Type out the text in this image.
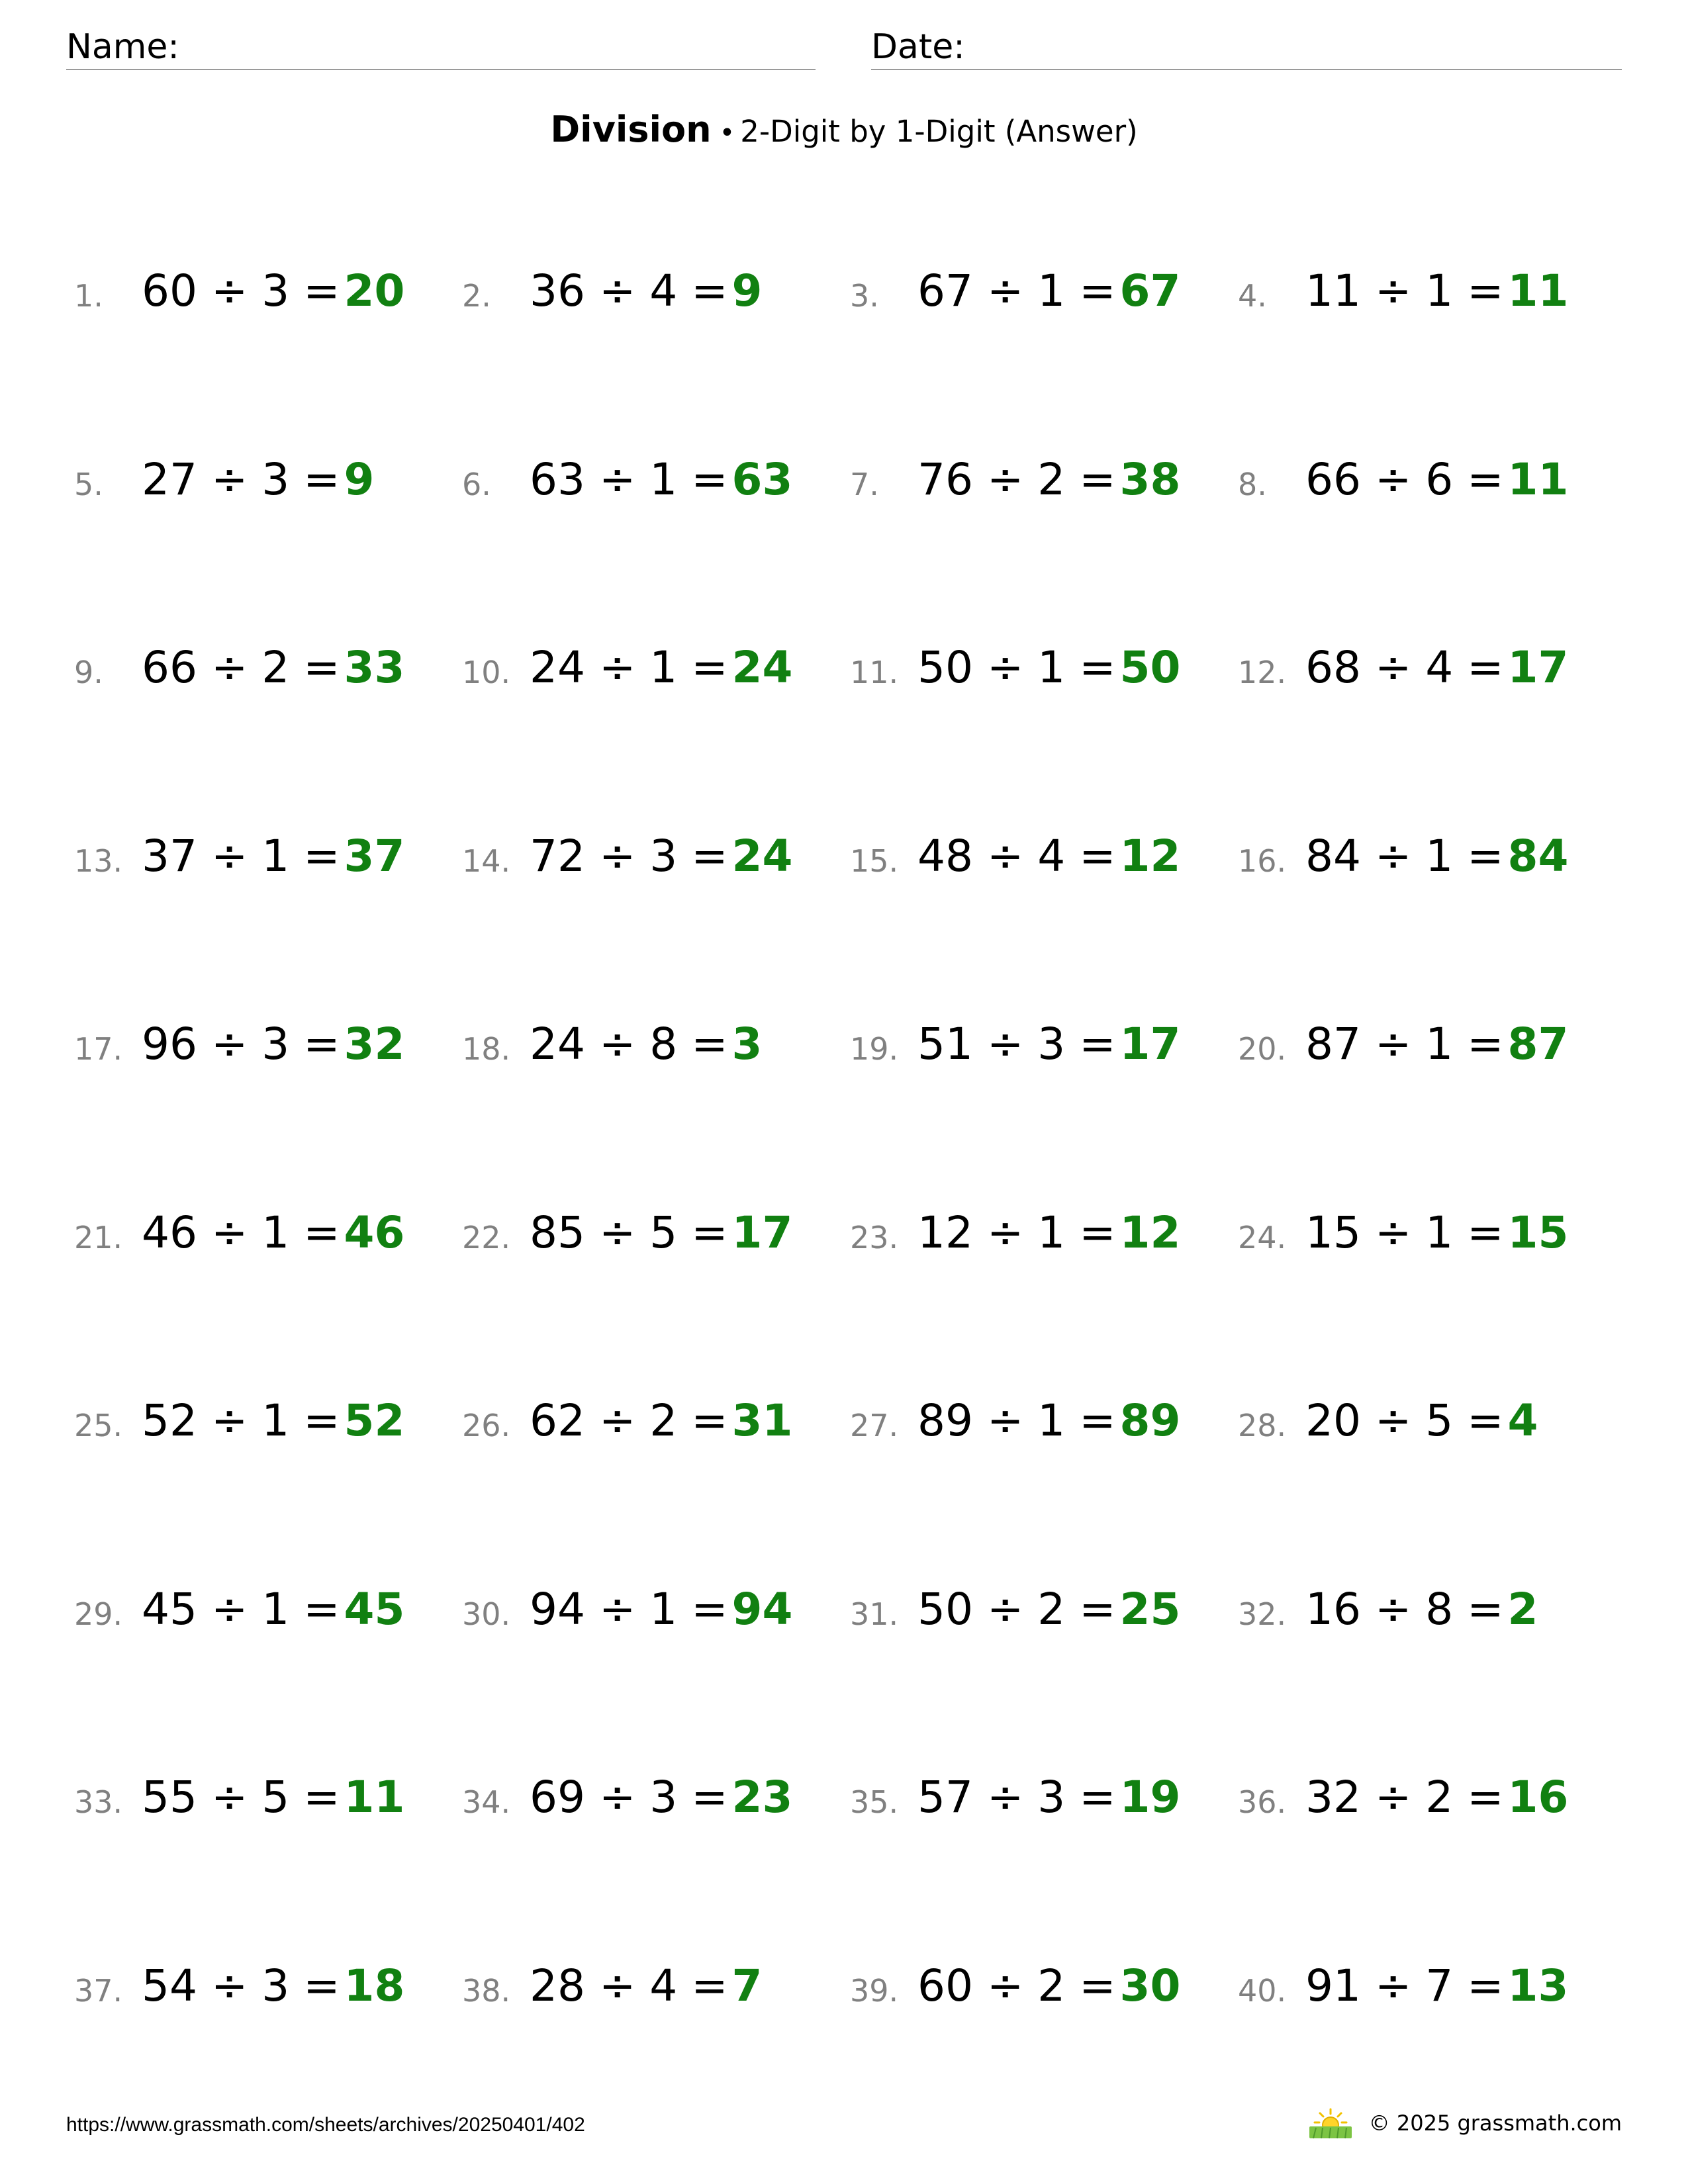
Name:	Date:
Division • 2-Digit by 1-Digit (Answer)
1. 60 ÷ 3 =20 2. 36 ÷ 4 =9	3. 67 ÷ 1 =67 4. 11 ÷ 1 =11
5. 27 ÷ 3 =9	6. 63 ÷ 1 =63 7. 76 ÷ 2 =38 8. 66 ÷ 6 =11
9. 66 ÷ 2 =33 10. 24 ÷ 1 =24 11. 50 ÷ 1 =50 12. 68 ÷ 4 =17
13. 37 ÷ 1 =37 14. 72 ÷ 3 =24 15. 48 ÷ 4 =12 16. 84 ÷ 1 =84
17. 96 ÷ 3 =32 18. 24 ÷ 8 =3	19. 51 ÷ 3 =17 20. 87 ÷ 1 =87
21. 46 ÷ 1 =46 22. 85 ÷ 5 =17 23. 12 ÷ 1 =12 24. 15 ÷ 1 =15
25. 52 ÷ 1 =52 26. 62 ÷ 2 =31 27. 89 ÷ 1 =89 28. 20 ÷ 5 =4
29. 45 ÷ 1 =45 30. 94 ÷ 1 =94 31. 50 ÷ 2 =25 32. 16 ÷ 8 =2
33. 55 ÷ 5 =11 34. 69 ÷ 3 =23 35. 57 ÷ 3 =19 36. 32 ÷ 2 =16
37. 54 ÷ 3 =18 38. 28 ÷ 4 =7	39. 60 ÷ 2 =30 40. 91 ÷ 7 =13
https://www.grassmath.com/sheets/archives/20250401/402	© 2025 grassmath.com
